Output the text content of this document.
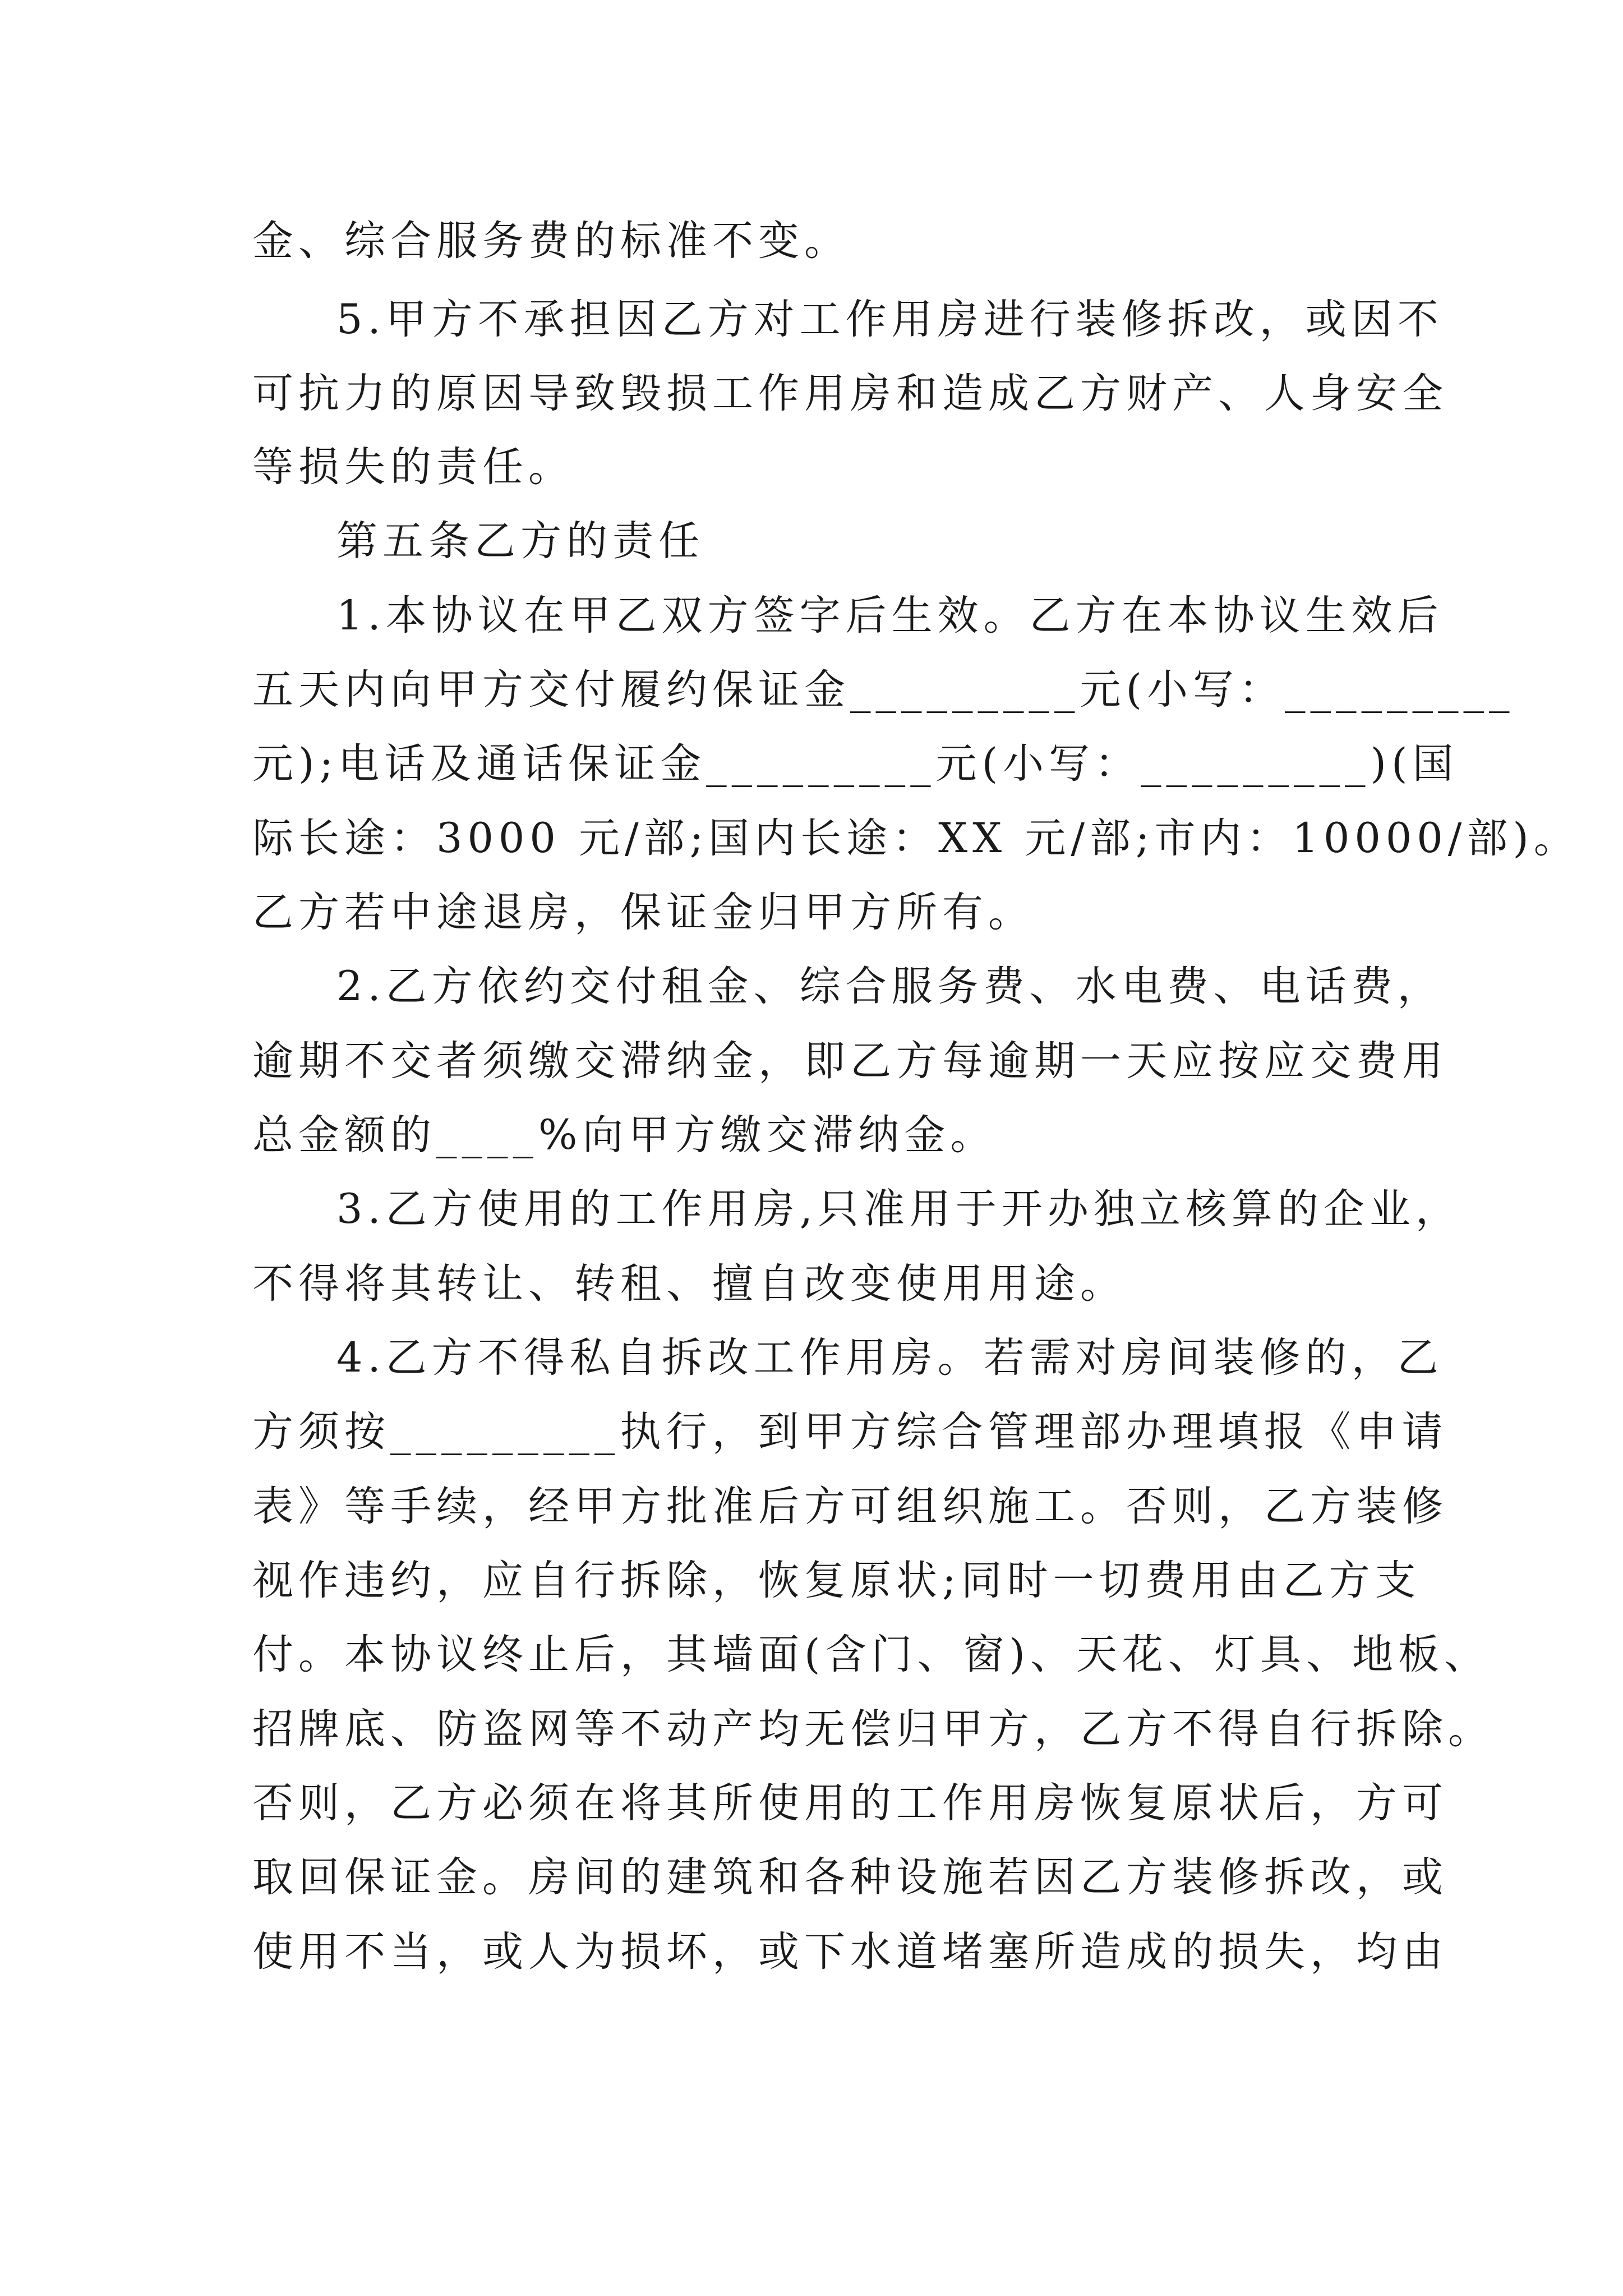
金、综合服务费的标准不变。

5.甲方不承担因乙方对工作用房进行装修拆改，或因不

可抗力的原因导致毁损工作用房和造成乙方财产、人身安全

等损失的责任。

第五条乙方的责任

1.本协议在甲乙双方签字后生效。乙方在本协议生效后

五天内向甲方交付履约保证金_________元(小写：_________

元);电话及通话保证金_________元(小写：_________)(国

际长途：3000 元/部;国内长途：XX 元/部;市内：10000/部)。

乙方若中途退房，保证金归甲方所有。

2.乙方依约交付租金、综合服务费、水电费、电话费，

逾期不交者须缴交滞纳金，即乙方每逾期一天应按应交费用

总金额的____%向甲方缴交滞纳金。

3.乙方使用的工作用房,只准用于开办独立核算的企业，

不得将其转让、转租、擅自改变使用用途。

4.乙方不得私自拆改工作用房。若需对房间装修的，乙

方须按_________执行，到甲方综合管理部办理填报《申请

表》等手续，经甲方批准后方可组织施工。否则，乙方装修

视作违约，应自行拆除，恢复原状;同时一切费用由乙方支

付。本协议终止后，其墙面(含门、窗)、天花、灯具、地板、

招牌底、防盗网等不动产均无偿归甲方，乙方不得自行拆除。

否则，乙方必须在将其所使用的工作用房恢复原状后，方可

取回保证金。房间的建筑和各种设施若因乙方装修拆改，或

使用不当，或人为损坏，或下水道堵塞所造成的损失，均由
